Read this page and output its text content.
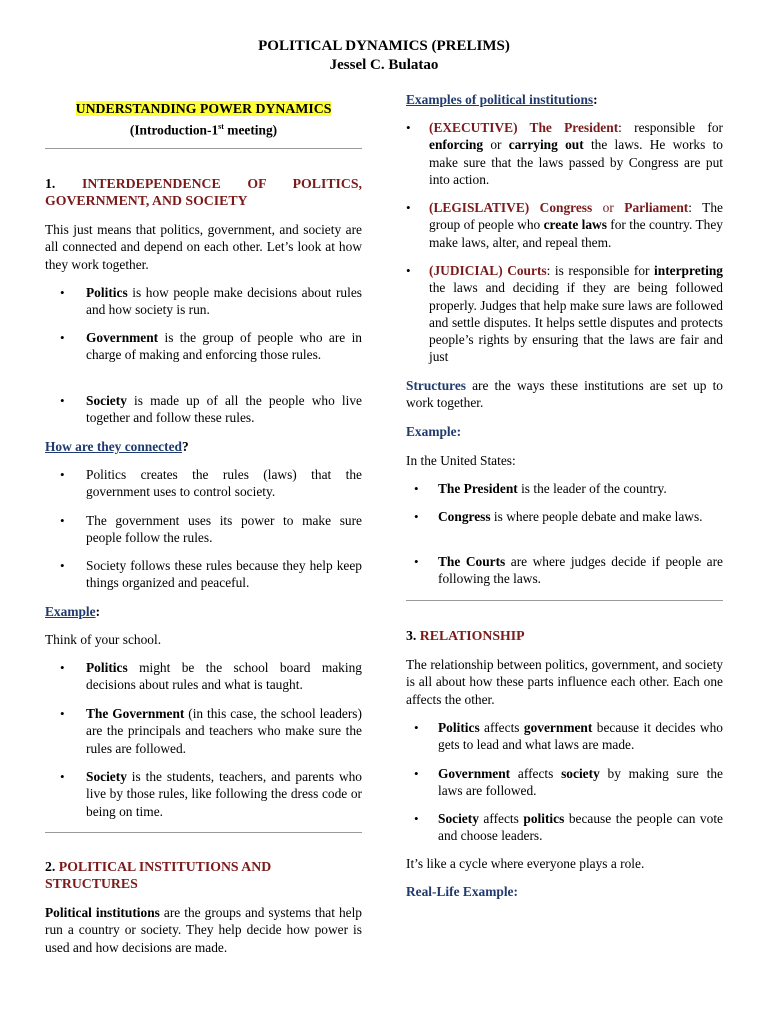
POLITICAL DYNAMICS (PRELIMS)
Jessel C. Bulatao
UNDERSTANDING POWER DYNAMICS
(Introduction-1st meeting)

1. INTERDEPENDENCE OF POLITICS, GOVERNMENT, AND SOCIETY

This just means that politics, government, and society are all connected and depend on each other. Let’s look at how they work together.

• Politics is how people make decisions about rules and how society is run.

• Government is the group of people who are in charge of making and enforcing those rules.

• Society is made up of all the people who live together and follow these rules.

How are they connected?

• Politics creates the rules (laws) that the government uses to control society.

• The government uses its power to make sure people follow the rules.

• Society follows these rules because they help keep things organized and peaceful.

Example:

Think of your school.

• Politics might be the school board making decisions about rules and what is taught.

• The Government (in this case, the school leaders) are the principals and teachers who make sure the rules are followed.

• Society is the students, teachers, and parents who live by those rules, like following the dress code or being on time.

2. POLITICAL INSTITUTIONS AND STRUCTURES

Political institutions are the groups and systems that help run a country or society. They help decide how power is used and how decisions are made.

Examples of political institutions:

• (EXECUTIVE) The President: responsible for enforcing or carrying out the laws. He works to make sure that the laws passed by Congress are put into action.

• (LEGISLATIVE) Congress or Parliament: The group of people who create laws for the country. They make laws, alter, and repeal them.

• (JUDICIAL) Courts: is responsible for interpreting the laws and deciding if they are being followed properly. Judges that help make sure laws are followed and settle disputes. It helps settle disputes and protects people’s rights by ensuring that the laws are fair and just

Structures are the ways these institutions are set up to work together.

Example:

In the United States:

• The President is the leader of the country.

• Congress is where people debate and make laws.

• The Courts are where judges decide if people are following the laws.

3. RELATIONSHIP

The relationship between politics, government, and society is all about how these parts influence each other. Each one affects the other.

• Politics affects government because it decides who gets to lead and what laws are made.

• Government affects society by making sure the laws are followed.

• Society affects politics because the people can vote and choose leaders.

It’s like a cycle where everyone plays a role.

Real-Life Example:
